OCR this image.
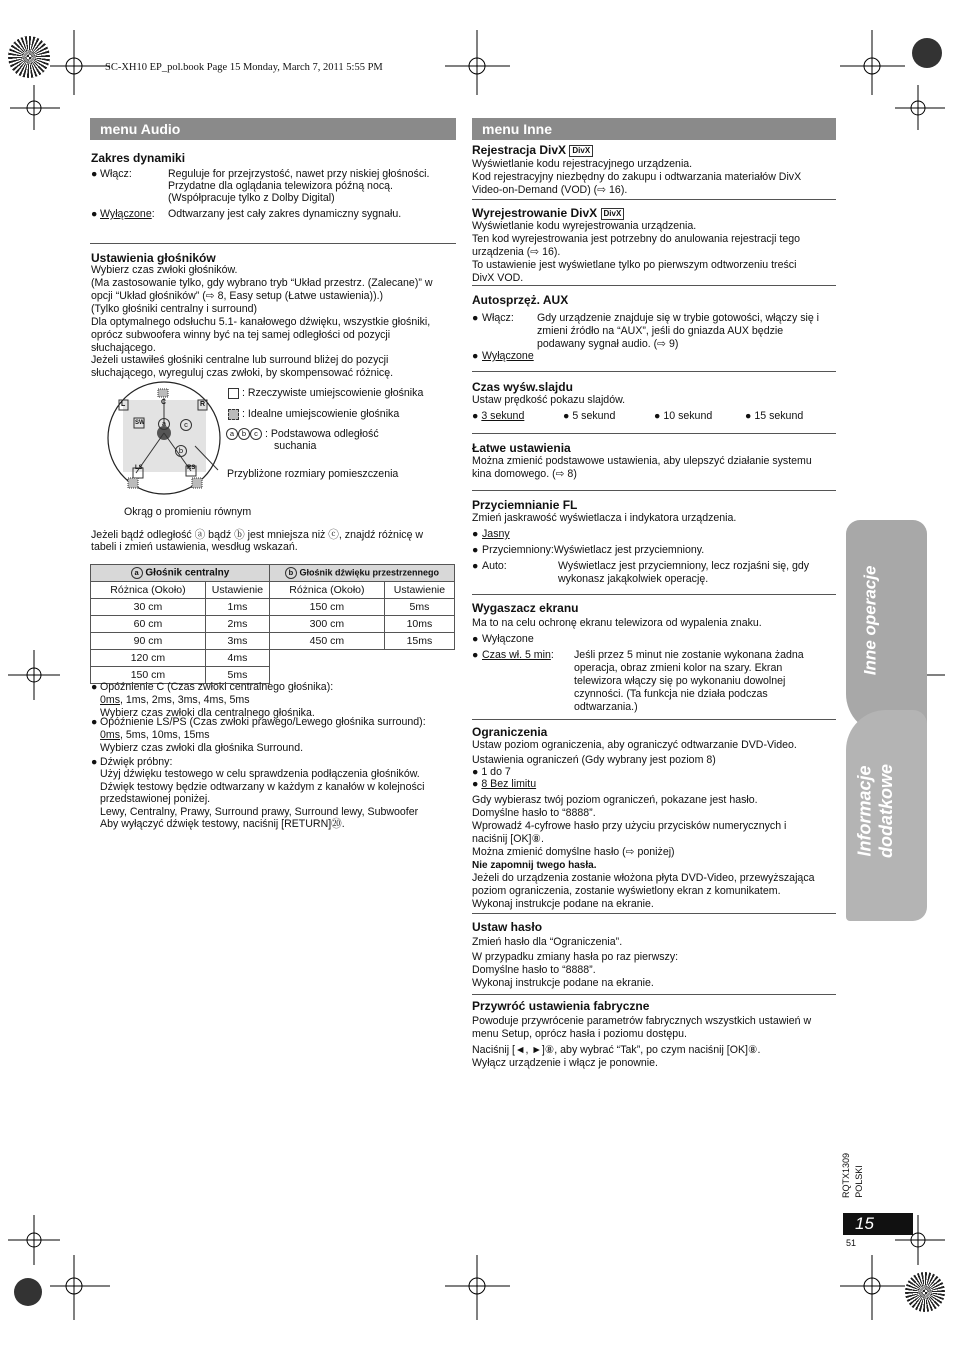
SC-XH10 EP_pol.book Page 15 Monday, March 7, 2011 5:55 PM
menu Audio
Zakres dynamiki
● Włącz:	Reguluje for przejrzystość, nawet przy niskiej głośności.
Przydatne dla oglądania telewizora późną nocą.
(Współpracuje tylko z Dolby Digital)
● Wyłączone: Odtwarzany jest cały zakres dynamiczny sygnału.
Ustawienia głośników
Wybierz czas zwłoki głośników.
(Ma zastosowanie tylko, gdy wybrano tryb “Układ przestrz. (Zalecane)” w
opcji “Układ głośników” (⇨ 8, Easy setup (Łatwe ustawienia)).)
(Tylko głośniki centralny i surround)
Dla optymalnego odsłuchu 5.1- kanałowego dźwięku, wszystkie głośniki,
oprócz subwoofera winny być na tej samej odległości od pozycji
słuchającego.
Jeżeli ustawiłeś głośniki centralne lub surround bliżej do pozycji
słuchającego, wyreguluj czas zwłoki, by skompensować różnicę.
C
L	R
SW
LS	RS
a	c
b
: Rzeczywiste umiejscowienie głośnika
: Idealne umiejscowienie głośnika
a b c : Podstawowa odległość
suchania
Przybliżone rozmiary pomieszczenia
Okrąg o promieniu równym
Jeżeli bądź odległość ⓐ bądź ⓑ jest mniejsza niż ⓒ, znajdź różnicę w
tabeli i zmień ustawienia, wesdług wskazań.
a Głośnik centralny		b Głośnik dźwięku przestrzennego	
Różnica (Około)	Ustawienie	Różnica (Około)	Ustawienie
30 cm	1ms	150 cm	5ms
60 cm	2ms	300 cm	10ms
90 cm	3ms	450 cm	15ms
120 cm	4ms		
150 cm	5ms		
● Opóźnienie C (Czas zwłoki centralnego głośnika):
0ms, 1ms, 2ms, 3ms, 4ms, 5ms
Wybierz czas zwłoki dla centralnego głośnika.
● Opóźnienie LS/PS (Czas zwłoki prawego/Lewego głośnika surround):
0ms, 5ms, 10ms, 15ms
Wybierz czas zwłoki dla głośnika Surround.
● Dźwięk próbny:
Użyj dźwięku testowego w celu sprawdzenia podłączenia głośników.
Dźwięk testowy będzie odtwarzany w każdym z kanałów w kolejności
przedstawionej poniżej.
Lewy, Centralny, Prawy, Surround prawy, Surround lewy, Subwoofer
Aby wyłączyć dźwięk testowy, naciśnij [RETURN]⑳.
menu Inne
Rejestracja DivX DivX
Wyświetlanie kodu rejestracyjnego urządzenia.
Kod rejestracyjny niezbędny do zakupu i odtwarzania materiałów DivX
Video-on-Demand (VOD) (⇨ 16).
Wyrejestrowanie DivX DivX
Wyświetlanie kodu wyrejestrowania urządzenia.
Ten kod wyrejestrowania jest potrzebny do anulowania rejestracji tego
urządzenia (⇨ 16).
To ustawienie jest wyświetlane tylko po pierwszym odtworzeniu treści
DivX VOD.
Autosprzęż. AUX
● Włącz: Gdy urządzenie znajduje się w trybie gotowości, włączy się i
zmieni źródło na “AUX”, jeśli do gniazda AUX będzie
podawany sygnał audio. (⇨ 9)
● Wyłączone
Czas wyśw.slajdu
Ustaw prędkość pokazu slajdów.
● 3 sekund	● 5 sekund	● 10 sekund	● 15 sekund
Łatwe ustawienia
Można zmienić podstawowe ustawienia, aby ulepszyć działanie systemu
kina domowego. (⇨ 8)
Przyciemnianie FL
Zmień jaskrawość wyświetlacza i indykatora urządzenia.
● Jasny
● Przyciemniony:Wyświetlacz jest przyciemniony.
● Auto:	Wyświetlacz jest przyciemniony, lecz rozjaśni się, gdy
wykonasz jakąkolwiek operację.
Wygaszacz ekranu
Ma to na celu ochronę ekranu telewizora od wypalenia znaku.
● Wyłączone
● Czas wł. 5 min: Jeśli przez 5 minut nie zostanie wykonana żadna
operacja, obraz zmieni kolor na szary. Ekran
telewizora włączy się po wykonaniu dowolnej
czynności. (Ta funkcja nie działa podczas
odtwarzania.)
Ograniczenia
Ustaw poziom ograniczenia, aby ograniczyć odtwarzanie DVD-Video.
Ustawienia ograniczeń (Gdy wybrany jest poziom 8)
● 1 do 7
● 8 Bez limitu
Gdy wybierasz twój poziom ograniczeń, pokazane jest hasło.
Domyślne hasło to “8888”.
Wprowadź 4-cyfrowe hasło przy użyciu przycisków numerycznych i
naciśnij [OK]⑧.
Można zmienić domyślne hasło (⇨ poniżej)
Nie zapomnij twego hasła.
Jeżeli do urządzenia zostanie włożona płyta DVD-Video, przewyższająca
poziom ograniczenia, zostanie wyświetlony ekran z komunikatem.
Wykonaj instrukcje podane na ekranie.
Ustaw hasło
Zmień hasło dla “Ograniczenia”.
W przypadku zmiany hasła po raz pierwszy:
Domyślne hasło to “8888”.
Wykonaj instrukcje podane na ekranie.
Przywróć ustawienia fabryczne
Powoduje przywrócenie parametrów fabrycznych wszystkich ustawień w
menu Setup, oprócz hasła i poziomu dostępu.
Naciśnij [◄, ►]⑧, aby wybrać “Tak”, po czym naciśnij [OK]⑧.
Wyłącz urządzenie i włącz je ponownie.
Inne operacje
Informacje dodatkowe
RQTX1309 POLSKI
15
51
